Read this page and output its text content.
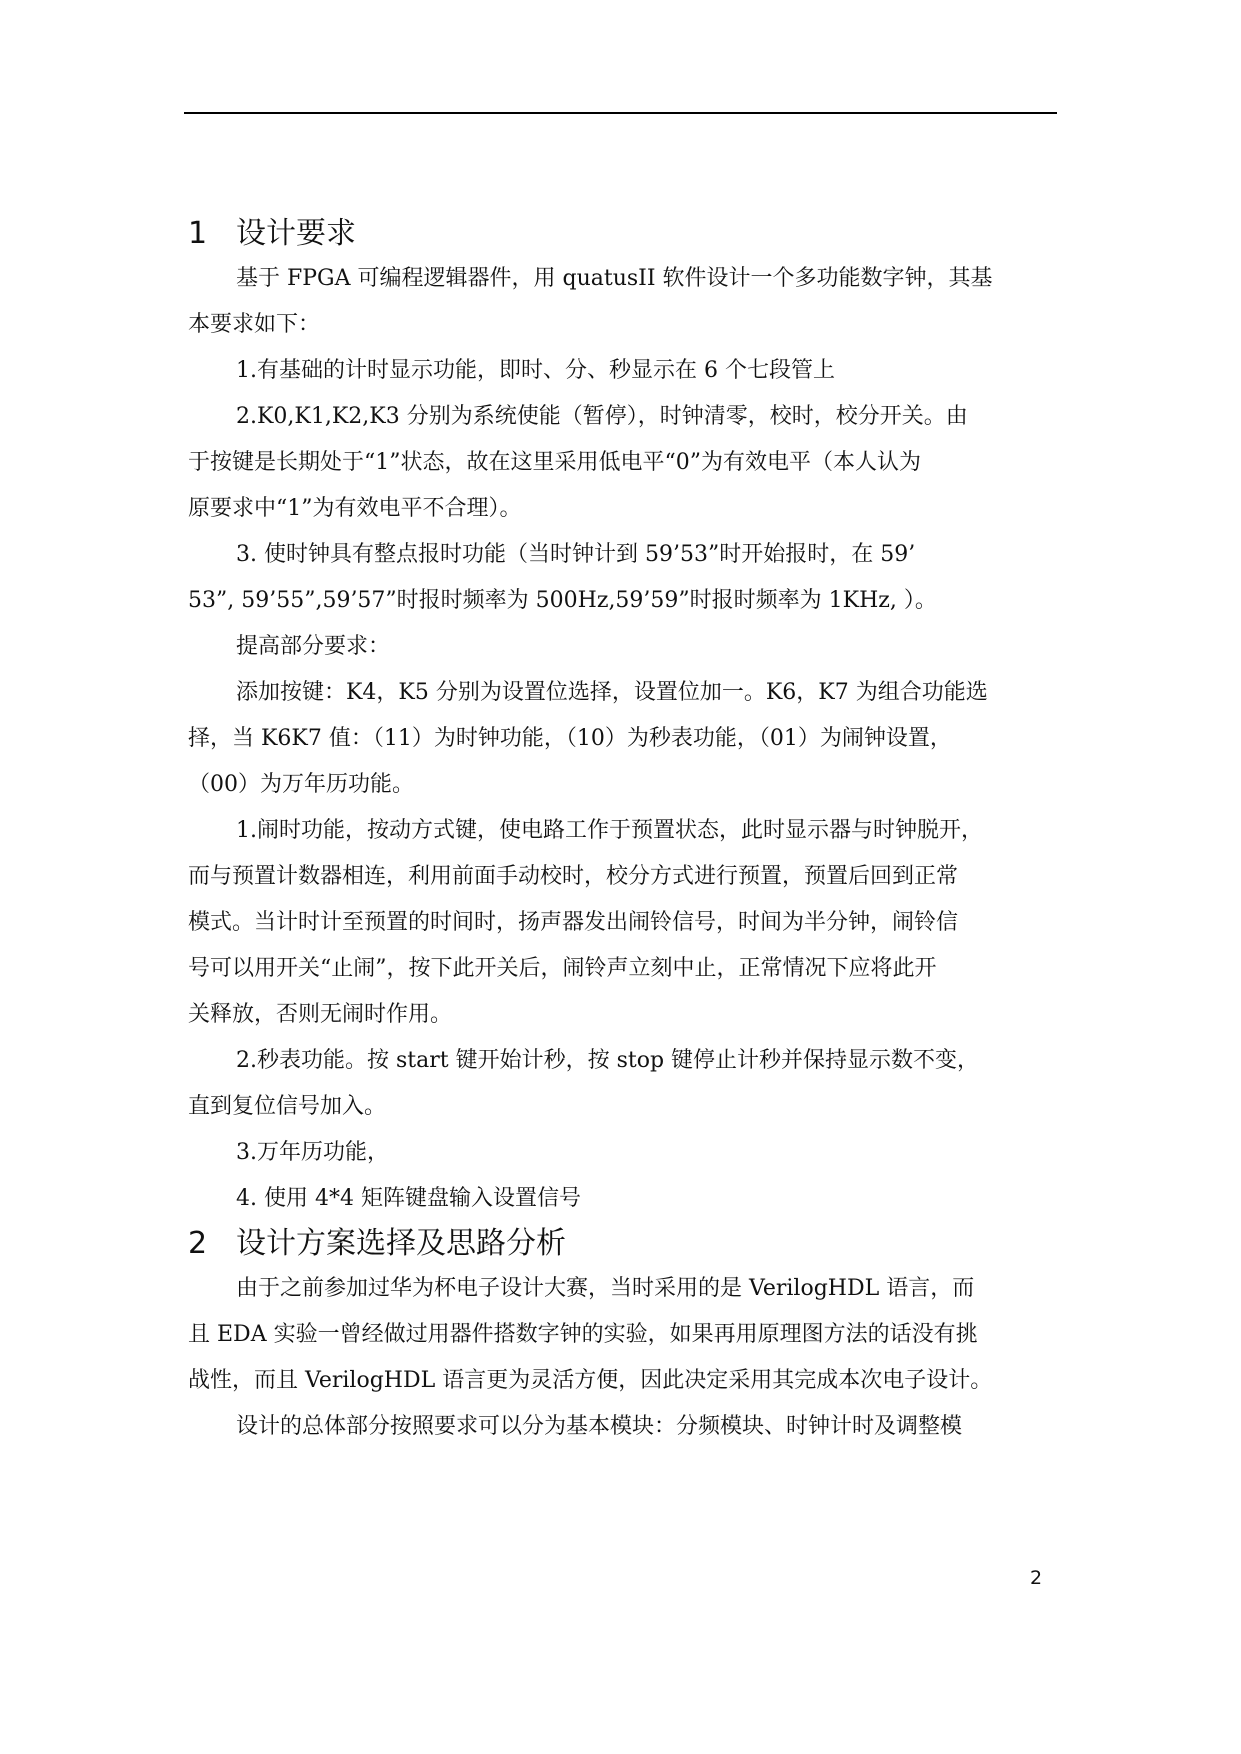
1 设计要求

基于 FPGA 可编程逻辑器件，用 quatusII 软件设计一个多功能数字钟，其基

本要求如下：

1.有基础的计时显示功能，即时、分、秒显示在 6 个七段管上

2.K0,K1,K2,K3 分别为系统使能（暂停），时钟清零，校时，校分开关。由

于按键是长期处于“1”状态，故在这里采用低电平“0”为有效电平（本人认为

原要求中“1”为有效电平不合理）。

3. 使时钟具有整点报时功能（当时钟计到 59’53”时开始报时，在 59’

53”, 59’55”,59’57”时报时频率为 500Hz,59’59”时报时频率为 1KHz, ）。

提高部分要求：

添加按键：K4，K5 分别为设置位选择，设置位加一。K6，K7 为组合功能选

择，当 K6K7 值：（11）为时钟功能，（10）为秒表功能，（01）为闹钟设置，

（00）为万年历功能。

1.闹时功能，按动方式键，使电路工作于预置状态，此时显示器与时钟脱开，

而与预置计数器相连，利用前面手动校时，校分方式进行预置，预置后回到正常

模式。当计时计至预置的时间时，扬声器发出闹铃信号，时间为半分钟，闹铃信

号可以用开关“止闹”，按下此开关后，闹铃声立刻中止，正常情况下应将此开

关释放，否则无闹时作用。

2.秒表功能。按 start 键开始计秒，按 stop 键停止计秒并保持显示数不变，

直到复位信号加入。

3.万年历功能，

4. 使用 4*4 矩阵键盘输入设置信号

2 设计方案选择及思路分析

由于之前参加过华为杯电子设计大赛，当时采用的是 VerilogHDL 语言，而

且 EDA 实验一曾经做过用器件搭数字钟的实验，如果再用原理图方法的话没有挑

战性，而且 VerilogHDL 语言更为灵活方便，因此决定采用其完成本次电子设计。

设计的总体部分按照要求可以分为基本模块：分频模块、时钟计时及调整模

2
